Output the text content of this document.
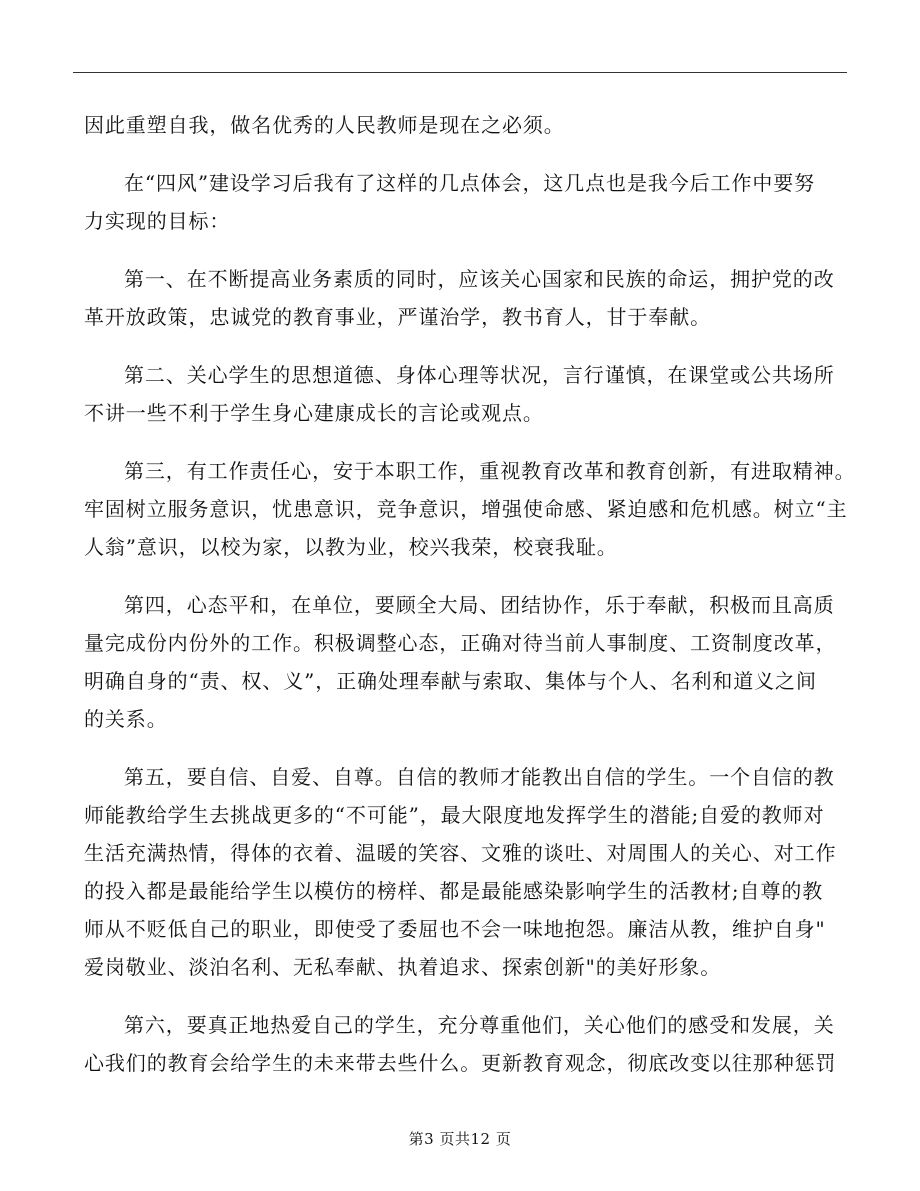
因此重塑自我，做名优秀的人民教师是现在之必须。

在“四风”建设学习后我有了这样的几点体会，这几点也是我今后工作中要努
力实现的目标：

第一、在不断提高业务素质的同时，应该关心国家和民族的命运，拥护党的改
革开放政策，忠诚党的教育事业，严谨治学，教书育人，甘于奉献。

第二、关心学生的思想道德、身体心理等状况，言行谨慎，在课堂或公共场所
不讲一些不利于学生身心建康成长的言论或观点。

第三，有工作责任心，安于本职工作，重视教育改革和教育创新，有进取精神。
牢固树立服务意识，忧患意识，竞争意识，增强使命感、紧迫感和危机感。树立“主
人翁”意识，以校为家，以教为业，校兴我荣，校衰我耻。

第四，心态平和，在单位，要顾全大局、团结协作，乐于奉献，积极而且高质
量完成份内份外的工作。积极调整心态，正确对待当前人事制度、工资制度改革，
明确自身的“责、权、义”，正确处理奉献与索取、集体与个人、名利和道义之间
的关系。

第五，要自信、自爱、自尊。自信的教师才能教出自信的学生。一个自信的教
师能教给学生去挑战更多的“不可能”，最大限度地发挥学生的潜能;自爱的教师对
生活充满热情，得体的衣着、温暖的笑容、文雅的谈吐、对周围人的关心、对工作
的投入都是最能给学生以模仿的榜样、都是最能感染影响学生的活教材;自尊的教
师从不贬低自己的职业，即使受了委屈也不会一味地抱怨。廉洁从教，维护自身"
爱岗敬业、淡泊名利、无私奉献、执着追求、探索创新"的美好形象。

第六，要真正地热爱自己的学生，充分尊重他们，关心他们的感受和发展，关
心我们的教育会给学生的未来带去些什么。更新教育观念，彻底改变以往那种惩罚

第3 页共12 页
